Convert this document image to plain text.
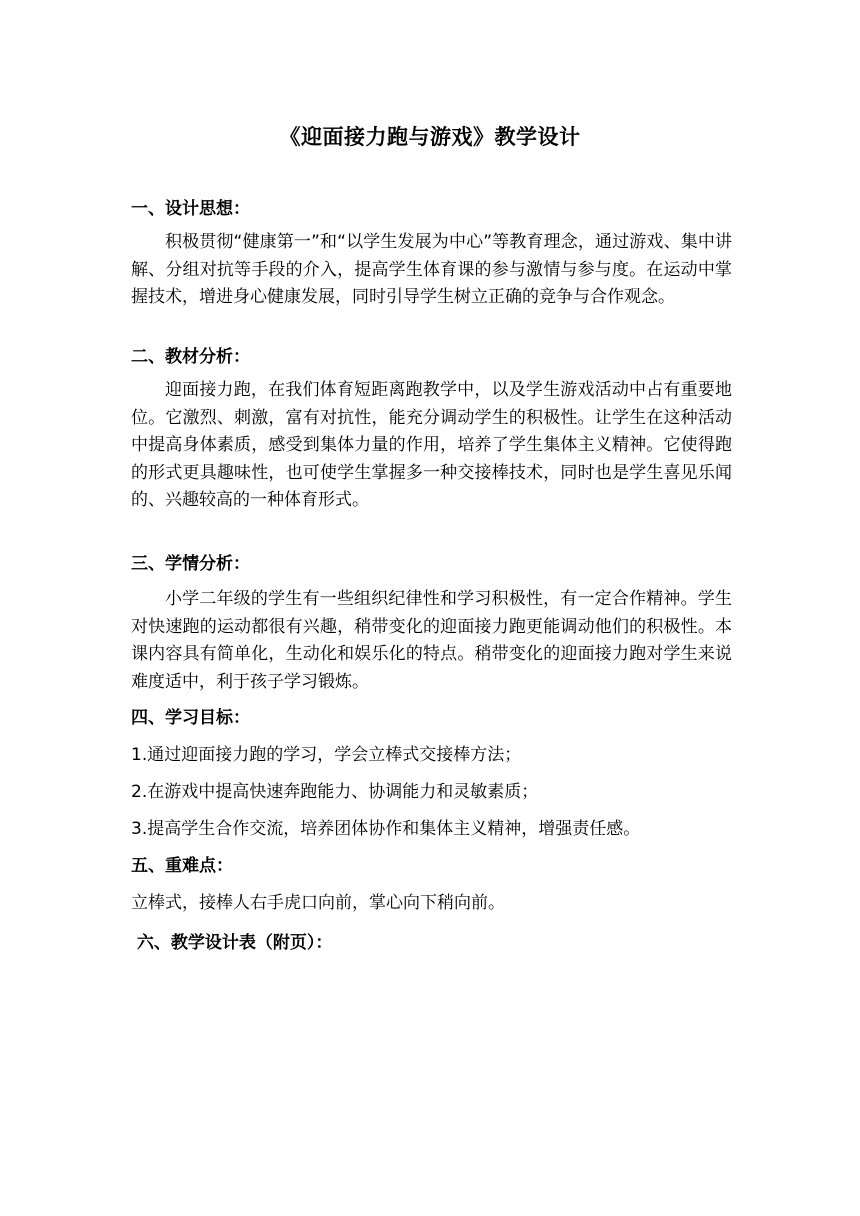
《迎面接力跑与游戏》教学设计
一、设计思想：
积极贯彻“健康第一”和“以学生发展为中心”等教育理念，通过游戏、集中讲解、分组对抗等手段的介入，提高学生体育课的参与激情与参与度。在运动中掌握技术，增进身心健康发展，同时引导学生树立正确的竞争与合作观念。
二、教材分析：
迎面接力跑，在我们体育短距离跑教学中，以及学生游戏活动中占有重要地位。它激烈、刺激，富有对抗性，能充分调动学生的积极性。让学生在这种活动中提高身体素质，感受到集体力量的作用，培养了学生集体主义精神。它使得跑的形式更具趣味性，也可使学生掌握多一种交接棒技术，同时也是学生喜见乐闻的、兴趣较高的一种体育形式。
三、学情分析：
小学二年级的学生有一些组织纪律性和学习积极性，有一定合作精神。学生对快速跑的运动都很有兴趣，稍带变化的迎面接力跑更能调动他们的积极性。本课内容具有简单化，生动化和娱乐化的特点。稍带变化的迎面接力跑对学生来说难度适中，利于孩子学习锻炼。
四、学习目标：
1.通过迎面接力跑的学习，学会立棒式交接棒方法；
2.在游戏中提高快速奔跑能力、协调能力和灵敏素质；
3.提高学生合作交流，培养团体协作和集体主义精神，增强责任感。
五、重难点：
立棒式，接棒人右手虎口向前，掌心向下稍向前。
六、教学设计表（附页）：
